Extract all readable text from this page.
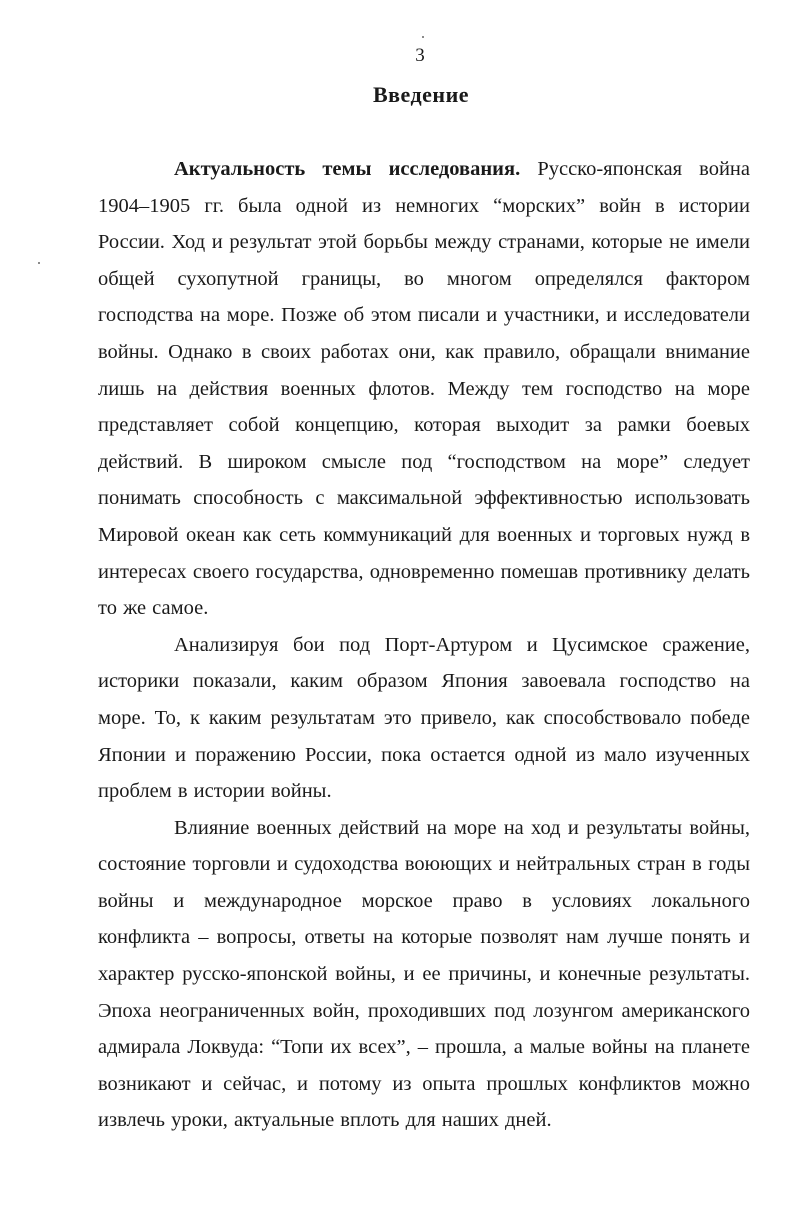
3
Введение

Актуальность темы исследования. Русско-японская война 1904–1905 гг. была одной из немногих “морских” войн в истории России. Ход и результат этой борьбы между странами, которые не имели общей сухопутной границы, во многом определялся фактором господства на море. Позже об этом писали и участники, и исследователи войны. Однако в своих работах они, как правило, обращали внимание лишь на действия военных флотов. Между тем господство на море представляет собой концепцию, которая выходит за рамки боевых действий. В широком смысле под “господством на море” следует понимать способность с максимальной эффективностью использовать Мировой океан как сеть коммуникаций для военных и торговых нужд в интересах своего государства, одновременно помешав противнику делать то же самое.

Анализируя бои под Порт-Артуром и Цусимское сражение, историки показали, каким образом Япония завоевала господство на море. То, к каким результатам это привело, как способствовало победе Японии и поражению России, пока остается одной из мало изученных проблем в истории войны.

Влияние военных действий на море на ход и результаты войны, состояние торговли и судоходства воюющих и нейтральных стран в годы войны и международное морское право в условиях локального конфликта – вопросы, ответы на которые позволят нам лучше понять и характер русско-японской войны, и ее причины, и конечные результаты. Эпоха неограниченных войн, проходивших под лозунгом американского адмирала Локвуда: “Топи их всех”, – прошла, а малые войны на планете возникают и сейчас, и потому из опыта прошлых конфликтов можно извлечь уроки, актуальные вплоть для наших дней.
